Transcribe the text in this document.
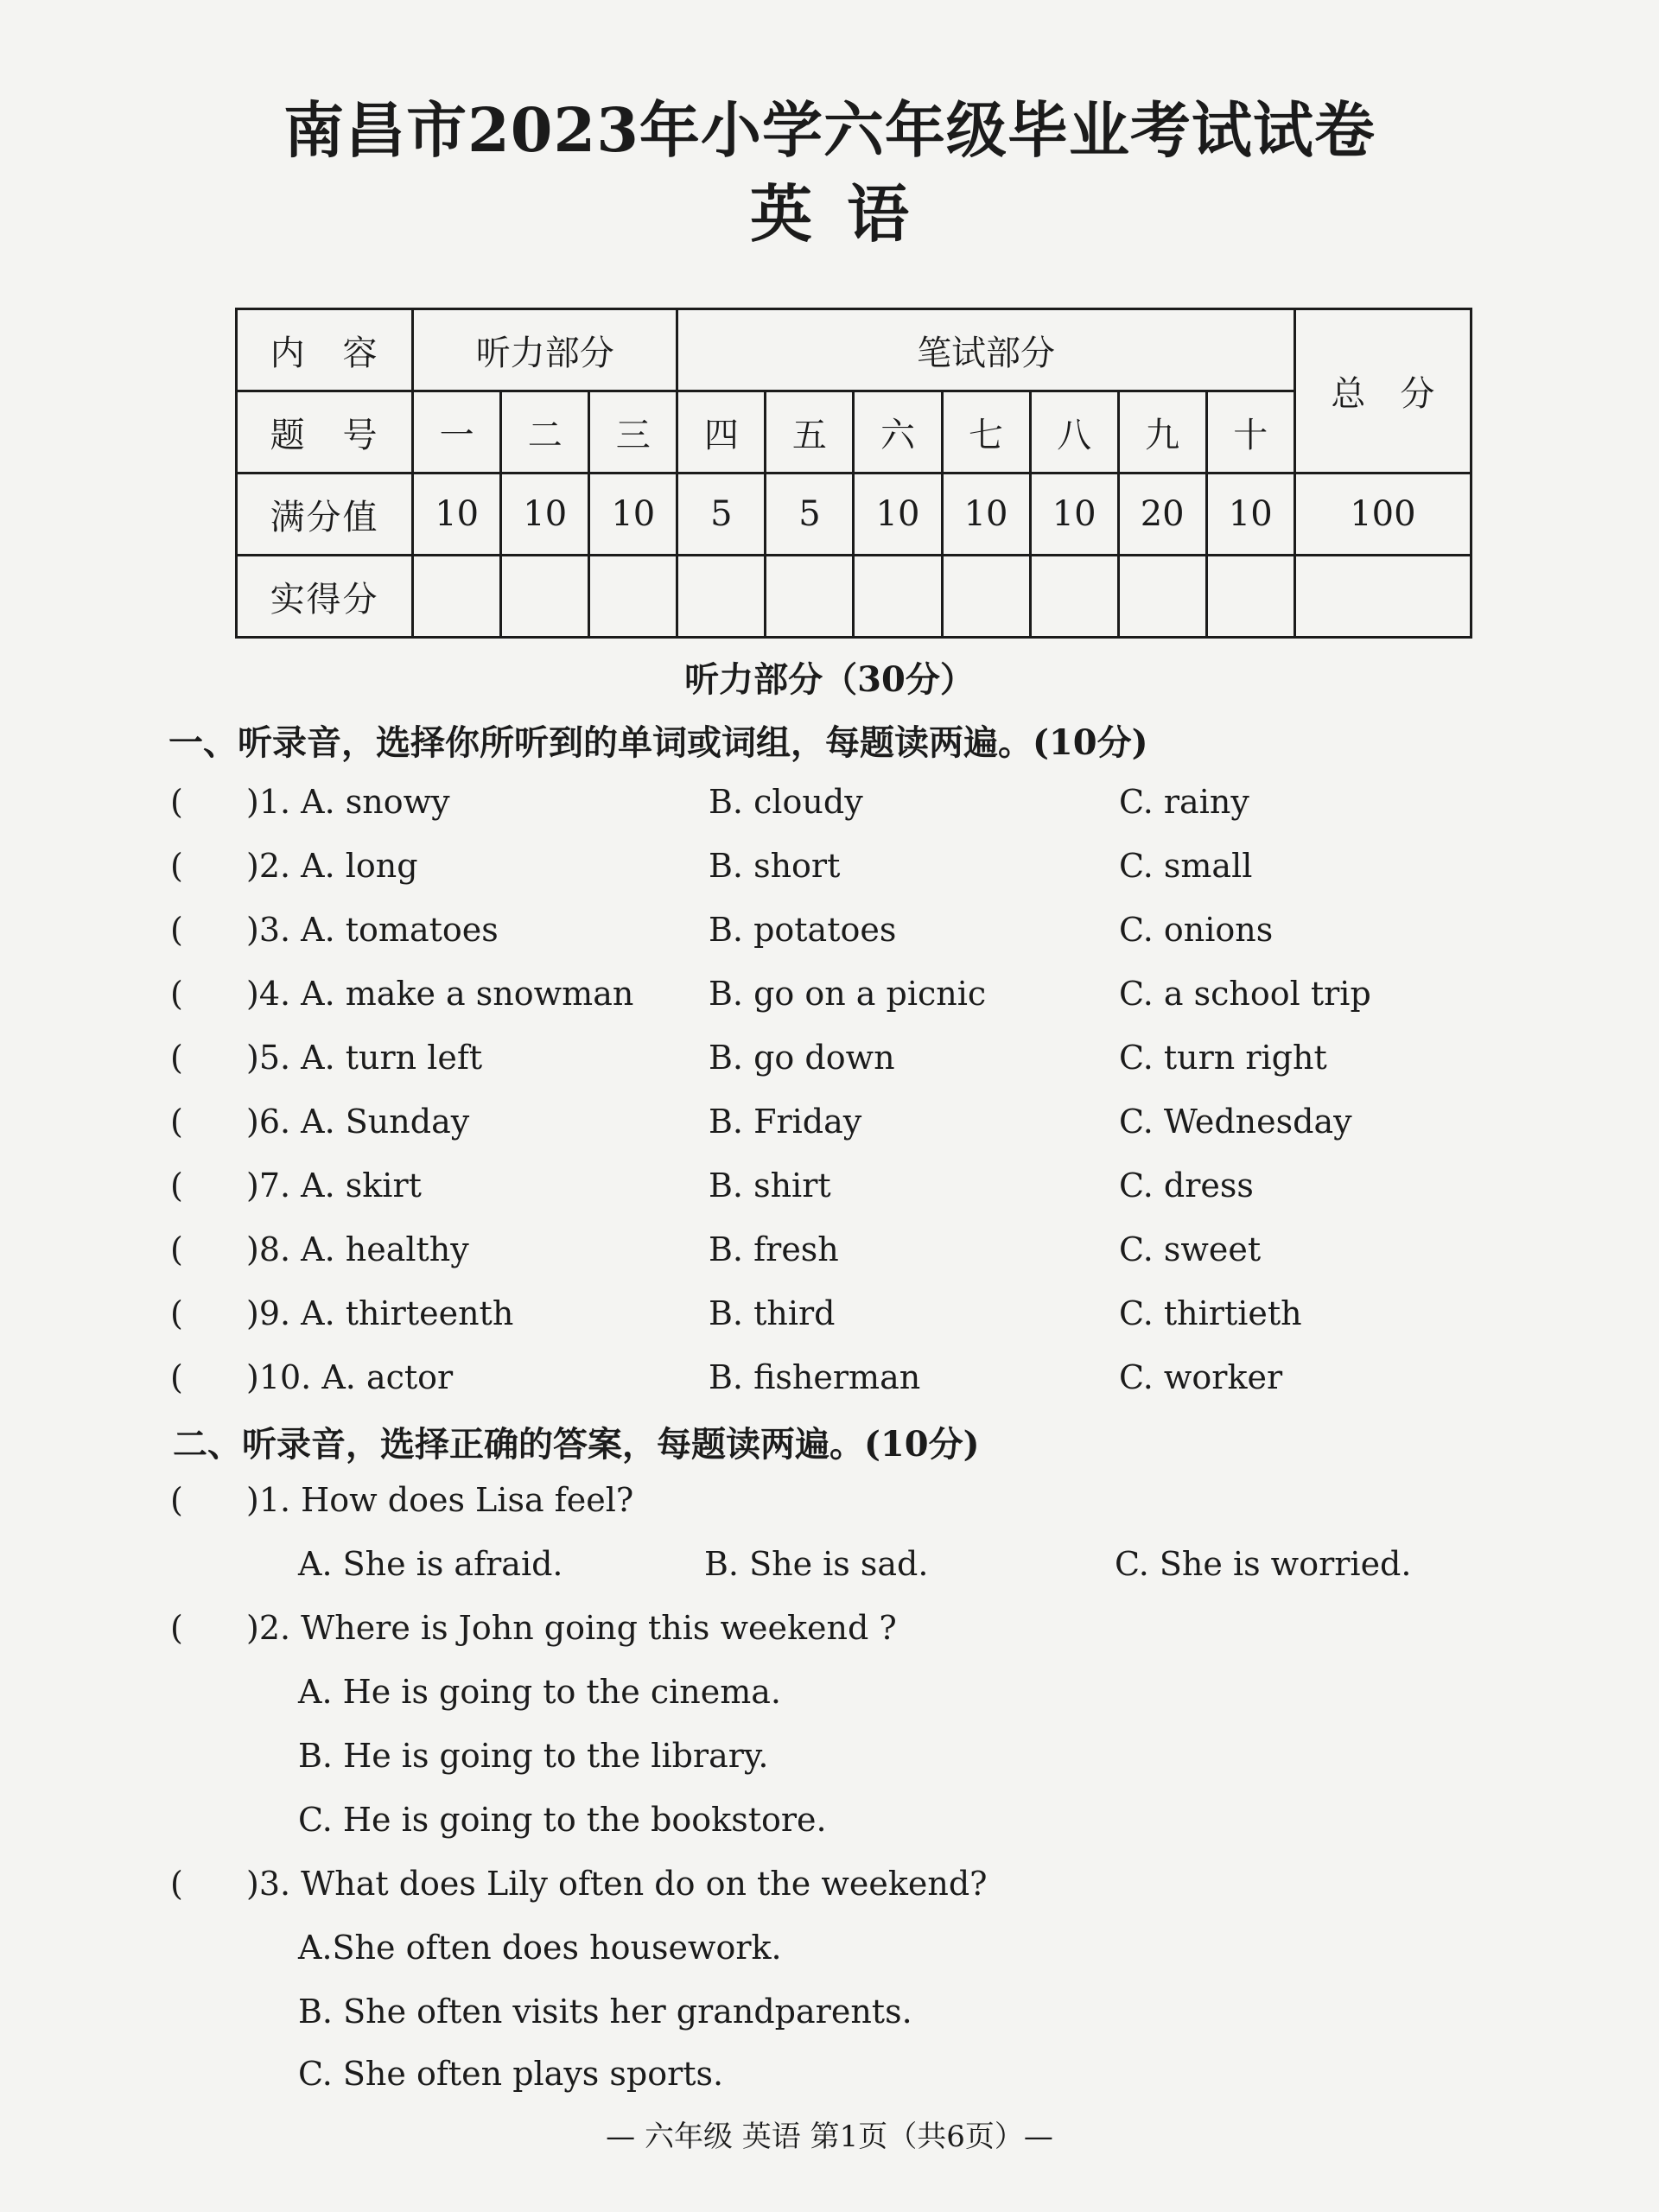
南昌市2023年小学六年级毕业考试试卷
英语
内　容	听力部分			笔试部分							总　分
题　号	一	二	三	四	五	六	七	八	九	十	
满分值	10	10	10	5	5	10	10	10	20	10	100
实得分											
听力部分（30分）
一、听录音，选择你所听到的单词或词组，每题读两遍。(10分)
( )1. A. snowy	B. cloudy	C. rainy
( )2. A. long	B. short	C. small
( )3. A. tomatoes	B. potatoes	C. onions
( )4. A. make a snowman B. go on a picnic	C. a school trip
( )5. A. turn left	B. go down	C. turn right
( )6. A. Sunday	B. Friday	C. Wednesday
( )7. A. skirt	B. shirt	C. dress
( )8. A. healthy	B. fresh	C. sweet
( )9. A. thirteenth	B. third	C. thirtieth
( )10. A. actor	B. fisherman	C. worker
二、听录音，选择正确的答案，每题读两遍。(10分)
( )1. How does Lisa feel?
A. She is afraid.	B. She is sad.	C. She is worried.
( )2. Where is John going this weekend ?
A. He is going to the cinema.
B. He is going to the library.
C. He is going to the bookstore.
( )3. What does Lily often do on the weekend?
A.She often does housework.
B. She often visits her grandparents.
C. She often plays sports.
— 六年级 英语 第1页（共6页）—
